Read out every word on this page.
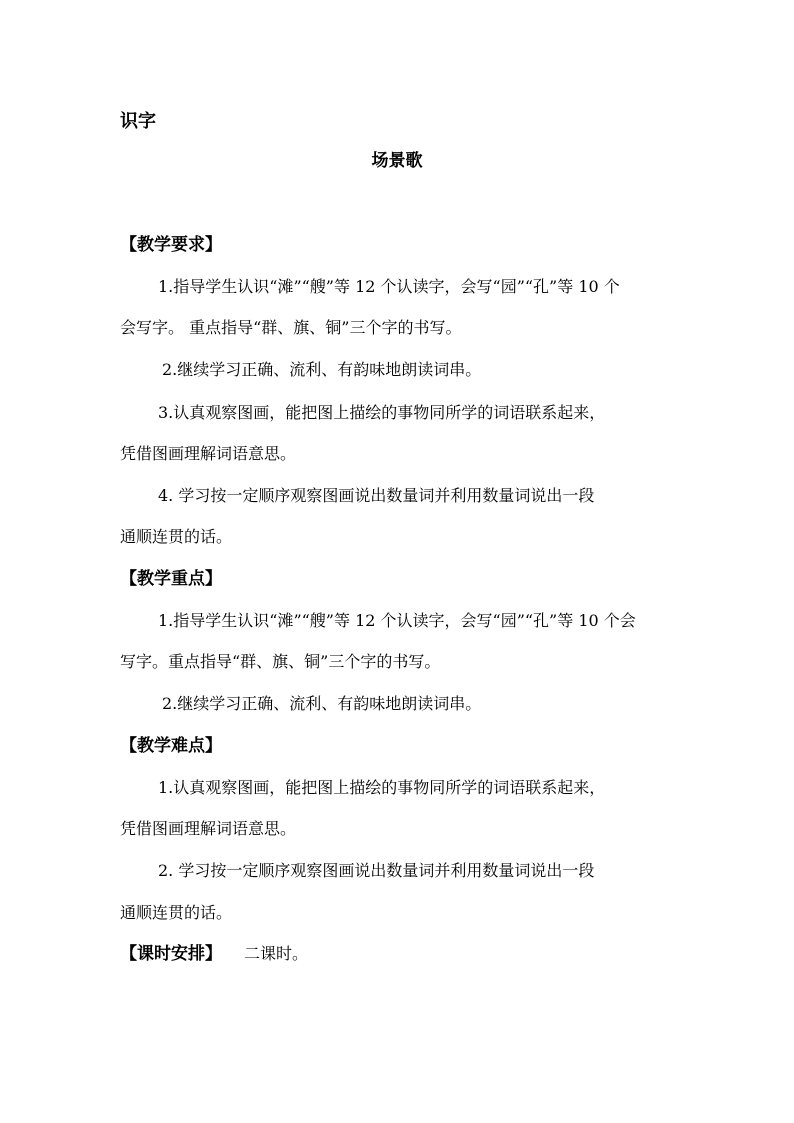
识字
场景歌
【教学要求】
1.指导学生认识“滩”“艘”等 12 个认读字，会写“园”“孔”等 10 个
会写字。 重点指导“群、旗、铜”三个字的书写。
2.继续学习正确、流利、有韵味地朗读词串。
3.认真观察图画，能把图上描绘的事物同所学的词语联系起来，
凭借图画理解词语意思。
4. 学习按一定顺序观察图画说出数量词并利用数量词说出一段
通顺连贯的话。
【教学重点】
1.指导学生认识“滩”“艘”等 12 个认读字，会写“园”“孔”等 10 个会
写字。重点指导“群、旗、铜”三个字的书写。
2.继续学习正确、流利、有韵味地朗读词串。
【教学难点】
1.认真观察图画，能把图上描绘的事物同所学的词语联系起来，
凭借图画理解词语意思。
2. 学习按一定顺序观察图画说出数量词并利用数量词说出一段
通顺连贯的话。
【课时安排】 二课时。
